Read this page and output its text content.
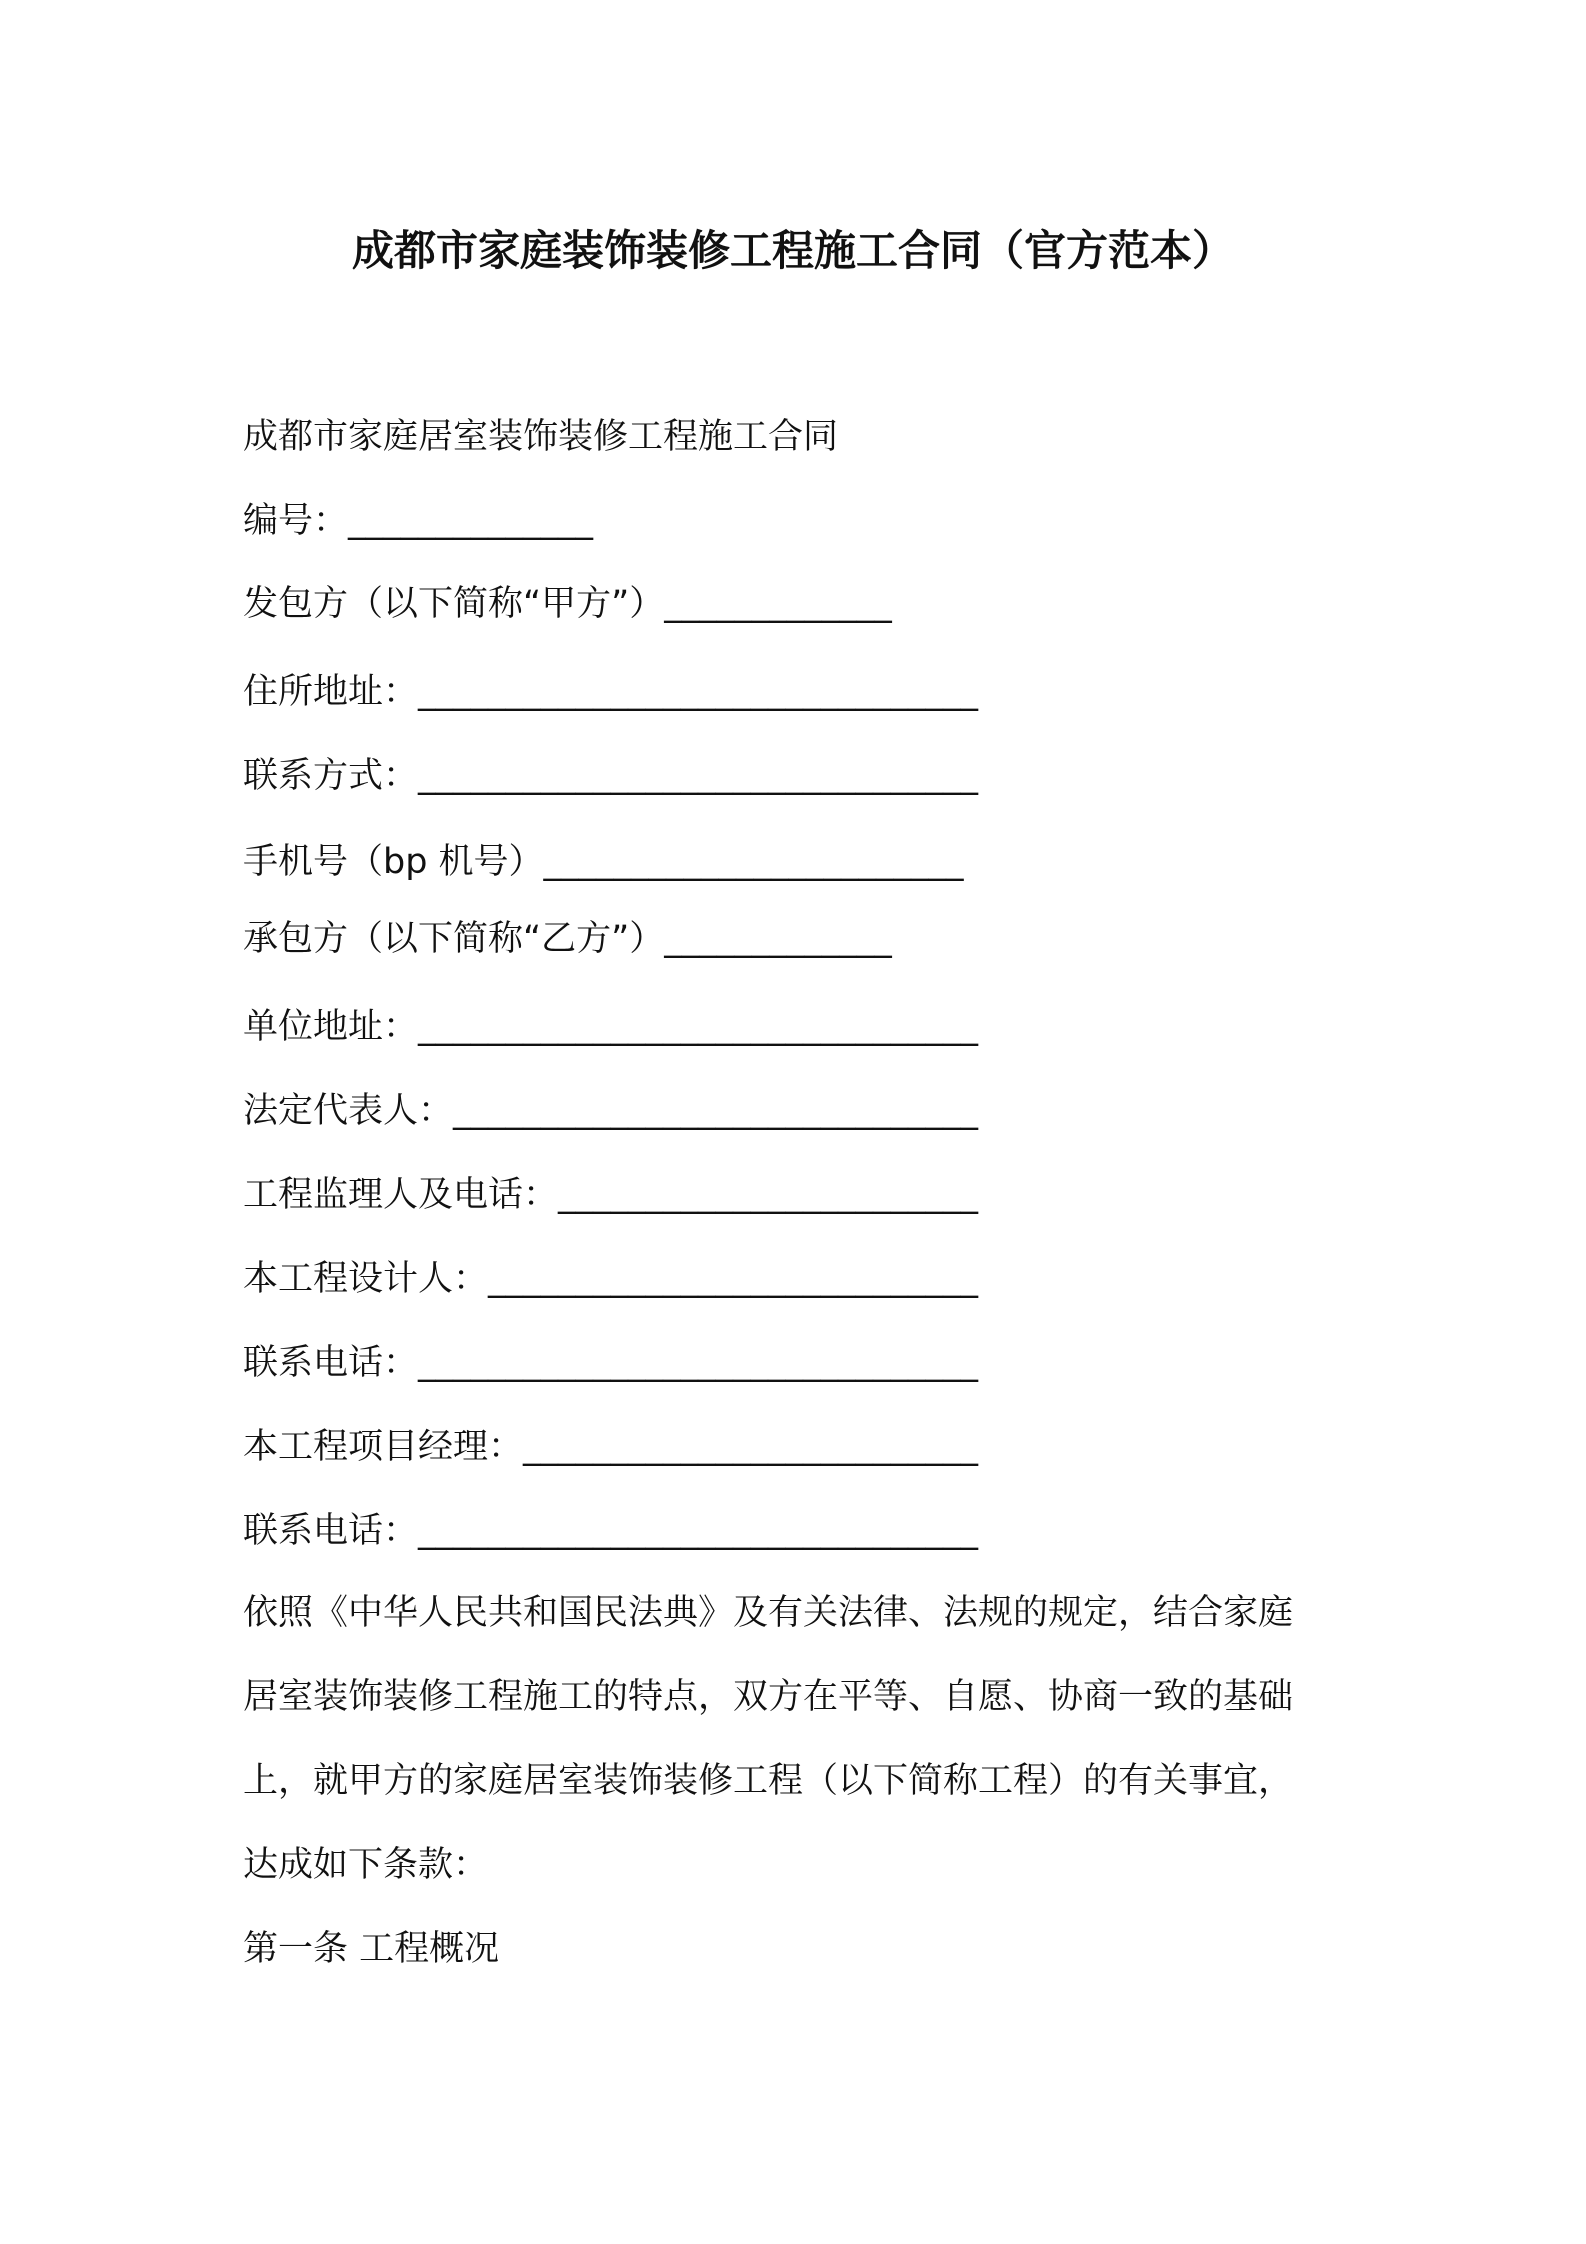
成都市家庭装饰装修工程施工合同（官方范本）
成都市家庭居室装饰装修工程施工合同
编号：______________
发包方（以下简称“甲方”）_____________
住所地址：________________________________
联系方式：________________________________
手机号（bp 机号）________________________
承包方（以下简称“乙方”）_____________
单位地址：________________________________
法定代表人：______________________________
工程监理人及电话：________________________
本工程设计人：____________________________
联系电话：________________________________
本工程项目经理：__________________________
联系电话：________________________________
依照《中华人民共和国民法典》及有关法律、法规的规定，结合家庭
居室装饰装修工程施工的特点，双方在平等、自愿、协商一致的基础
上，就甲方的家庭居室装饰装修工程（以下简称工程）的有关事宜，
达成如下条款：
第一条 工程概况
